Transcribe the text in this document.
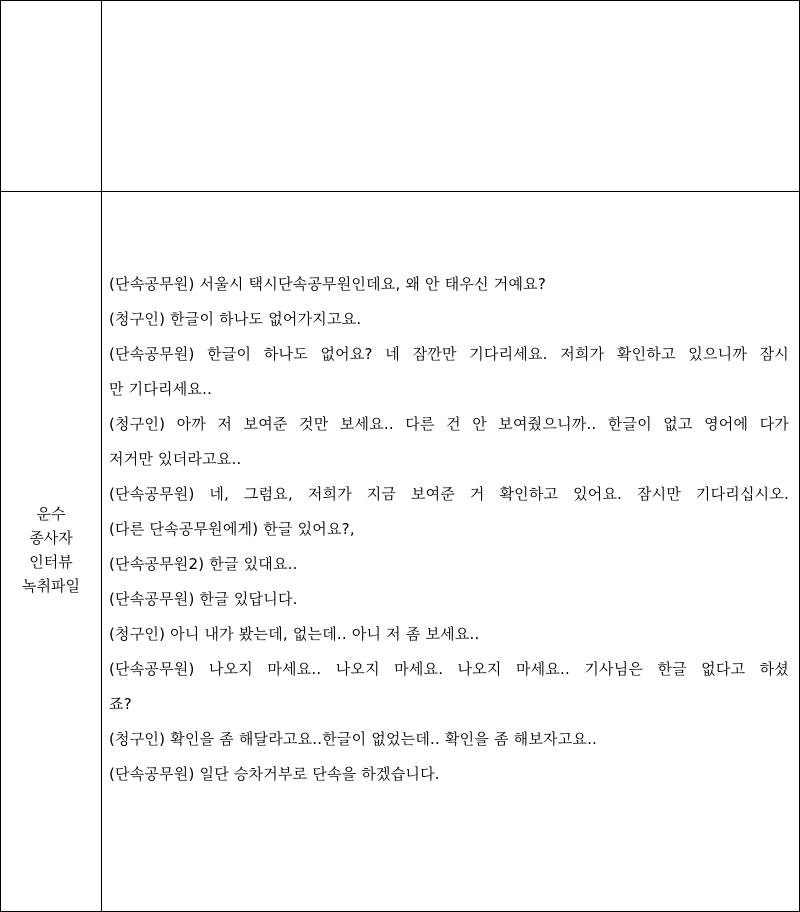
운수
종사자
인터뷰
녹취파일
(단속공무원) 서울시 택시단속공무원인데요, 왜 안 태우신 거예요?
(청구인) 한글이 하나도 없어가지고요.
(단속공무원) 한글이 하나도 없어요? 네 잠깐만 기다리세요. 저희가 확인하고 있으니까 잠시
만 기다리세요..
(청구인) 아까 저 보여준 것만 보세요.. 다른 건 안 보여줬으니까.. 한글이 없고 영어에 다가
저거만 있더라고요..
(단속공무원) 네, 그럼요, 저희가 지금 보여준 거 확인하고 있어요. 잠시만 기다리십시오.
(다른 단속공무원에게) 한글 있어요?,
(단속공무원2) 한글 있대요..
(단속공무원) 한글 있답니다.
(청구인) 아니 내가 봤는데, 없는데.. 아니 저 좀 보세요..
(단속공무원) 나오지 마세요.. 나오지 마세요. 나오지 마세요.. 기사님은 한글 없다고 하셨
죠?
(청구인) 확인을 좀 해달라고요..한글이 없었는데.. 확인을 좀 해보자고요..
(단속공무원) 일단 승차거부로 단속을 하겠습니다.
